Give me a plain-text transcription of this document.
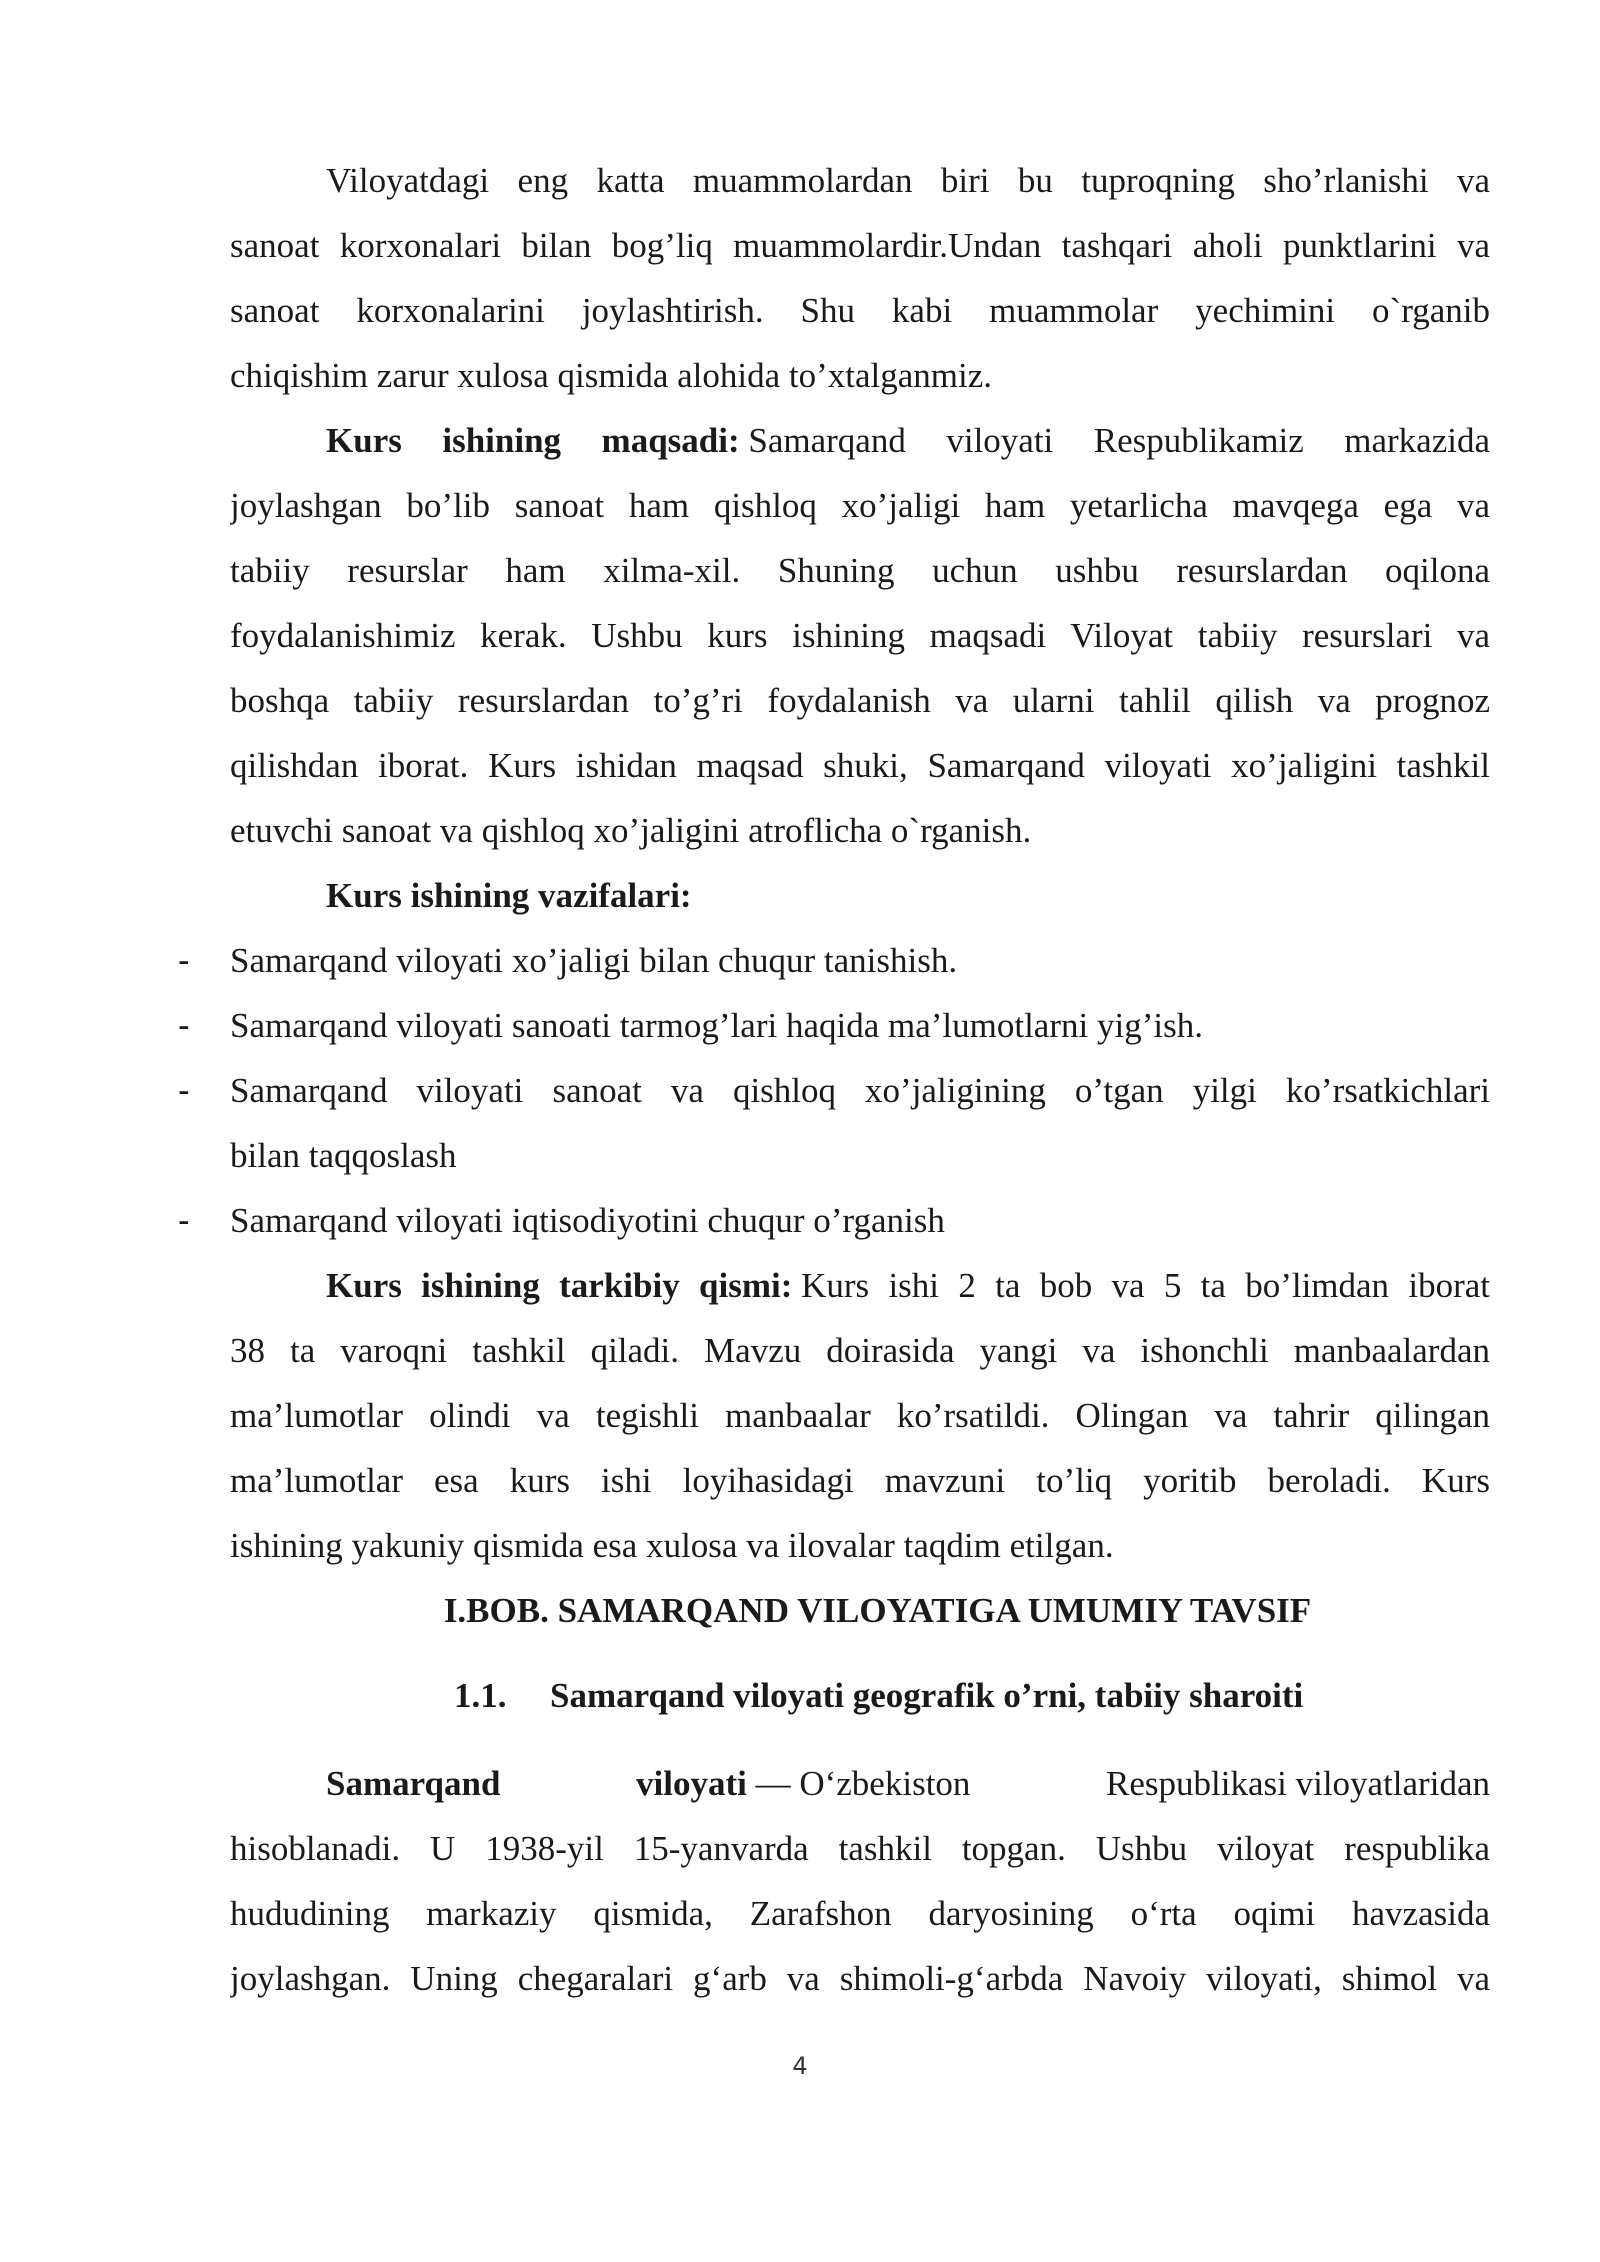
Viloyatdagi eng katta muammolardan biri bu tuproqning sho’rlanishi va
sanoat korxonalari bilan bog’liq muammolardir.Undan tashqari aholi punktlarini va
sanoat korxonalarini joylashtirish. Shu kabi muammolar yechimini o`rganib
chiqishim zarur xulosa qismida alohida to’xtalganmiz.
Kurs ishining maqsadi: Samarqand viloyati Respublikamiz markazida
joylashgan bo’lib sanoat ham qishloq xo’jaligi ham yetarlicha mavqega ega va
tabiiy resurslar ham xilma-xil. Shuning uchun ushbu resurslardan oqilona
foydalanishimiz kerak. Ushbu kurs ishining maqsadi Viloyat tabiiy resurslari va
boshqa tabiiy resurslardan to’g’ri foydalanish va ularni tahlil qilish va prognoz
qilishdan iborat. Kurs ishidan maqsad shuki, Samarqand viloyati xo’jaligini tashkil
etuvchi sanoat va qishloq xo’jaligini atroflicha o`rganish.
Kurs ishining vazifalari:
- Samarqand viloyati xo’jaligi bilan chuqur tanishish.
- Samarqand viloyati sanoati tarmog’lari haqida ma’lumotlarni yig’ish.
- Samarqand viloyati sanoat va qishloq xo’jaligining o’tgan yilgi ko’rsatkichlari
bilan taqqoslash
- Samarqand viloyati iqtisodiyotini chuqur o’rganish
Kurs ishining tarkibiy qismi: Kurs ishi 2 ta bob va 5 ta bo’limdan iborat
38 ta varoqni tashkil qiladi. Mavzu doirasida yangi va ishonchli manbaalardan
ma’lumotlar olindi va tegishli manbaalar ko’rsatildi. Olingan va tahrir qilingan
ma’lumotlar esa kurs ishi loyihasidagi mavzuni to’liq yoritib beroladi. Kurs
ishining yakuniy qismida esa xulosa va ilovalar taqdim etilgan.
I.BOB. SAMARQAND VILOYATIGA UMUMIY TAVSIF
1.1. Samarqand viloyati geografik o’rni, tabiiy sharoiti
Samarqand	viloyati — O‘zbekiston	Respublikasi viloyatlaridan
hisoblanadi. U 1938-yil 15-yanvarda tashkil topgan. Ushbu viloyat respublika
hududining markaziy qismida, Zarafshon daryosining o‘rta oqimi havzasida
joylashgan. Uning chegaralari g‘arb va shimoli-g‘arbda Navoiy viloyati, shimol va
4
